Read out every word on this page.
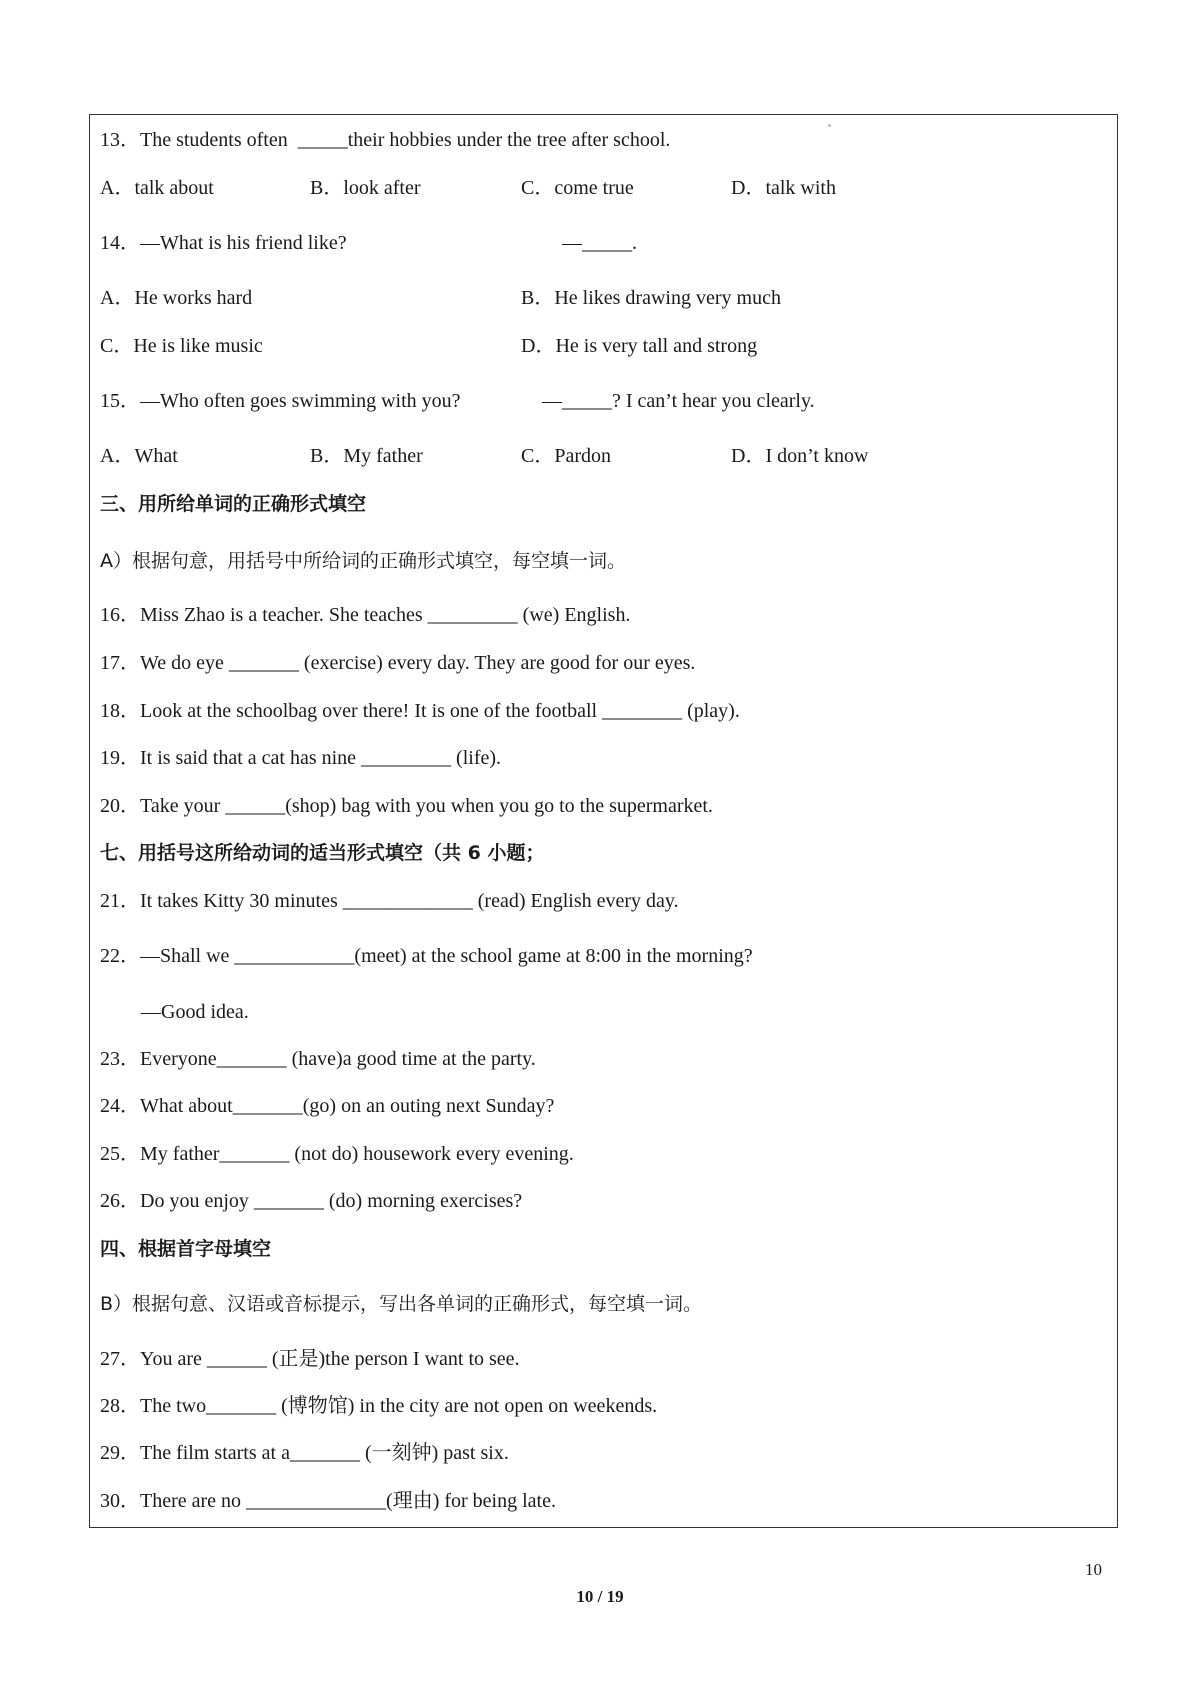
13．The students often  _____their hobbies under the tree after school.
A．talk about	B．look after	C．come true	D．talk with
14．—What is his friend like?	—_____.
A．He works hard	B．He likes drawing very much
C．He is like music	D．He is very tall and strong
15．—Who often goes swimming with you?	—_____? I can’t hear you clearly.
A．What	B．My father	C．Pardon	D．I don’t know
三、用所给单词的正确形式填空
A）根据句意，用括号中所给词的正确形式填空，每空填一词。
16．Miss Zhao is a teacher. She teaches _________ (we) English.
17．We do eye _______ (exercise) every day. They are good for our eyes.
18．Look at the schoolbag over there! It is one of the football ________ (play).
19．It is said that a cat has nine _________ (life).
20．Take your ______(shop) bag with you when you go to the supermarket.
七、用括号这所给动词的适当形式填空（共 6 小题；
21．It takes Kitty 30 minutes _____________ (read) English every day.
22．—Shall we ____________(meet) at the school game at 8:00 in the morning?
—Good idea.
23．Everyone_______ (have)a good time at the party.
24．What about_______(go) on an outing next Sunday?
25．My father_______ (not do) housework every evening.
26．Do you enjoy _______ (do) morning exercises?
四、根据首字母填空
B）根据句意、汉语或音标提示，写出各单词的正确形式，每空填一词。
27．You are ______ (正是)the person I want to see.
28．The two_______ (博物馆) in the city are not open on weekends.
29．The film starts at a_______ (一刻钟) past six.
30．There are no ______________(理由) for being late.
10
10 / 19
